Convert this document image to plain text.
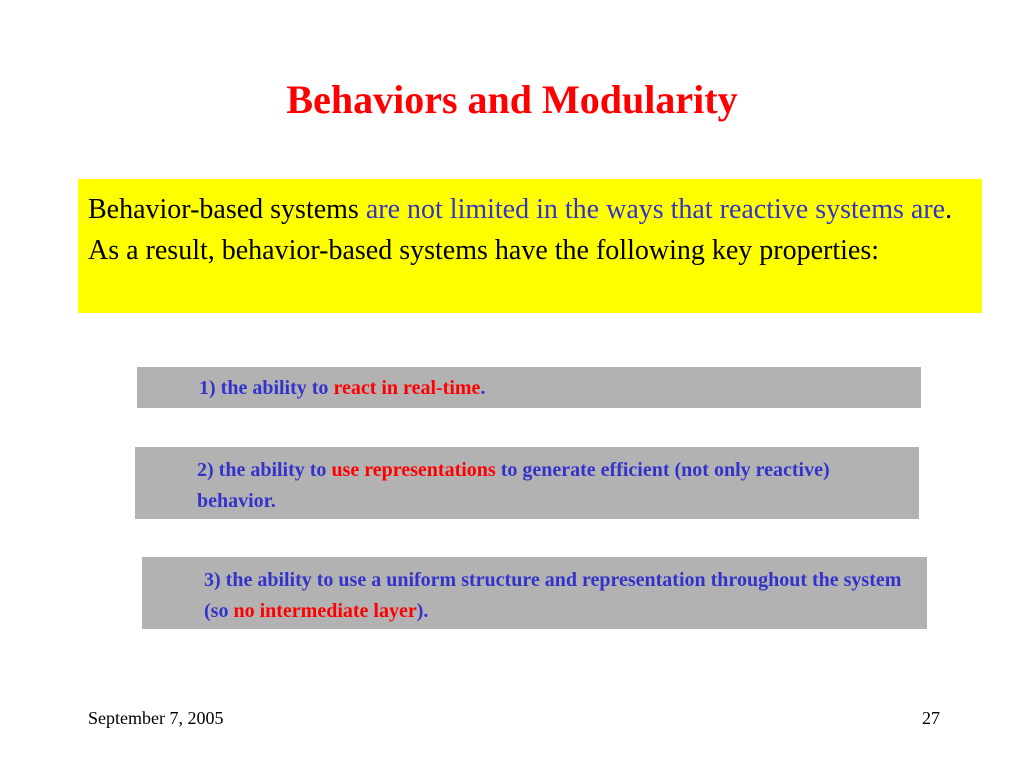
Behaviors and Modularity
Behavior-based systems are not limited in the ways that reactive systems are. As a result, behavior-based systems have the following key properties:
1) the ability to react in real-time.
2) the ability to use representations to generate efficient (not only reactive) behavior.
3) the ability to use a uniform structure and representation throughout the system (so no intermediate layer).
September 7, 2005	27
